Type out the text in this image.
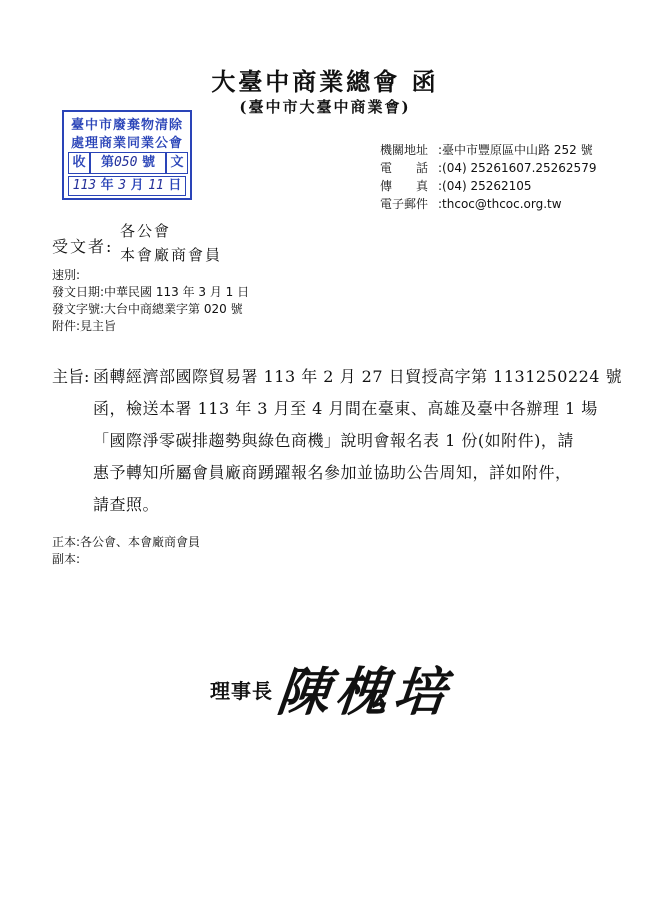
大臺中商業總會 函
(臺中市大臺中商業會)
臺中市廢棄物清除
處理商業同業公會
收	第050 號	文
113 年 3 月 11 日
機關地址 :臺中市豐原區中山路 252 號
電　　話 :(04) 25261607.25262579
傳　　真 :(04) 25262105
電子郵件 :thcoc@thcoc.org.tw
受文者:
各公會
本會廠商會員
速別:
發文日期:中華民國 113 年 3 月 1 日
發文字號:大台中商總業字第 020 號
附件:見主旨
主旨: 函轉經濟部國際貿易署 113 年 2 月 27 日貿授高字第 1131250224 號
函，檢送本署 113 年 3 月至 4 月間在臺東、高雄及臺中各辦理 1 場
「國際淨零碳排趨勢與綠色商機」說明會報名表 1 份(如附件)，請
惠予轉知所屬會員廠商踴躍報名參加並協助公告周知，詳如附件，
請查照。
正本:各公會、本會廠商會員
副本:
理事長 陳槐培
